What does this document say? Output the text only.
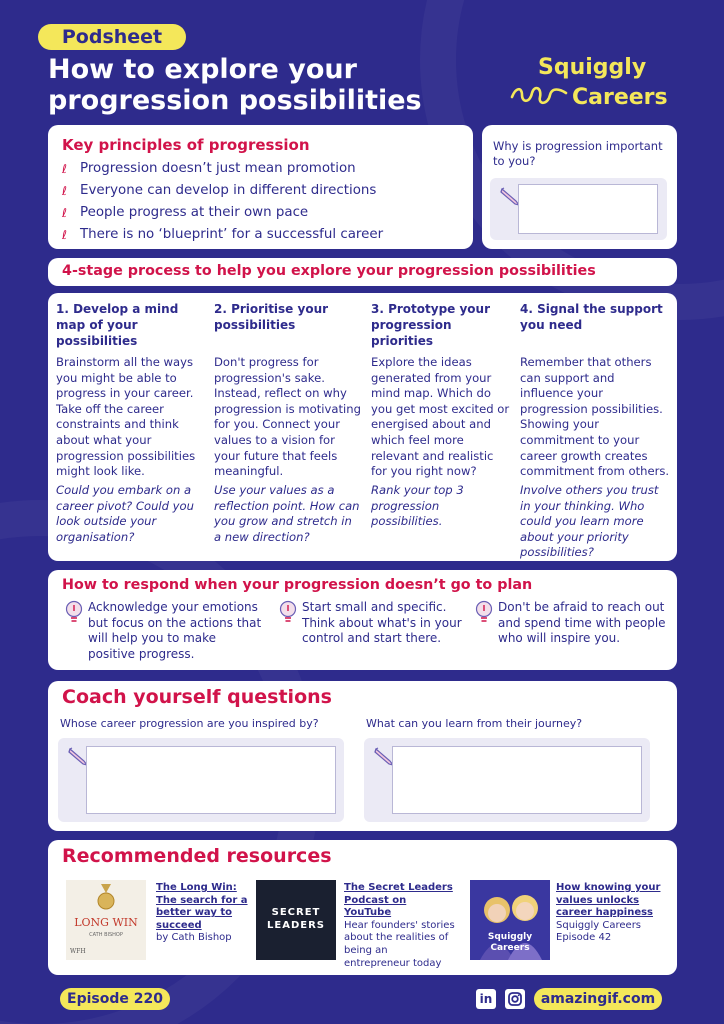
Podsheet
How to explore your
progression possibilities
Squiggly
Careers
Key principles of progression
ℓ Progression doesn’t just mean promotion
ℓ Everyone can develop in different directions
ℓ People progress at their own pace
ℓ There is no ‘blueprint’ for a successful career
Why is progression important
to you?
4-stage process to help you explore your progression possibilities
1. Develop a mind map of your possibilities
Brainstorm all the ways you might be able to progress in your career. Take off the career constraints and think about what your progression possibilities might look like.
Could you embark on a career pivot? Could you look outside your organisation?
2. Prioritise your possibilities
Don't progress for progression's sake. Instead, reflect on why progression is motivating for you. Connect your values to a vision for your future that feels meaningful.
Use your values as a reflection point. How can you grow and stretch in a new direction?
3. Prototype your progression priorities
Explore the ideas generated from your mind map. Which do you get most excited or energised about and which feel more relevant and realistic for you right now?
Rank your top 3 progression possibilities.
4. Signal the support you need
Remember that others can support and influence your progression possibilities. Showing your commitment to your career growth creates commitment from others.
Involve others you trust in your thinking. Who could you learn more about your priority possibilities?
How to respond when your progression doesn’t go to plan
Acknowledge your emotions but focus on the actions that will help you to make positive progress.
Start small and specific. Think about what's in your control and start there.
Don't be afraid to reach out and spend time with people who will inspire you.
Coach yourself questions
Whose career progression are you inspired by?	What can you learn from their journey?
Recommended resources
LONG WIN
CATH BISHOP
WFH
The Long Win: The search for a better way to succeed
by Cath Bishop
SECRET
LEADERS
The Secret Leaders Podcast on YouTube
Hear founders' stories about the realities of being an entrepreneur today
Squiggly
Careers
How knowing your values unlocks career happiness
Squiggly Careers Episode 42
Episode 220	in	amazingif.com
